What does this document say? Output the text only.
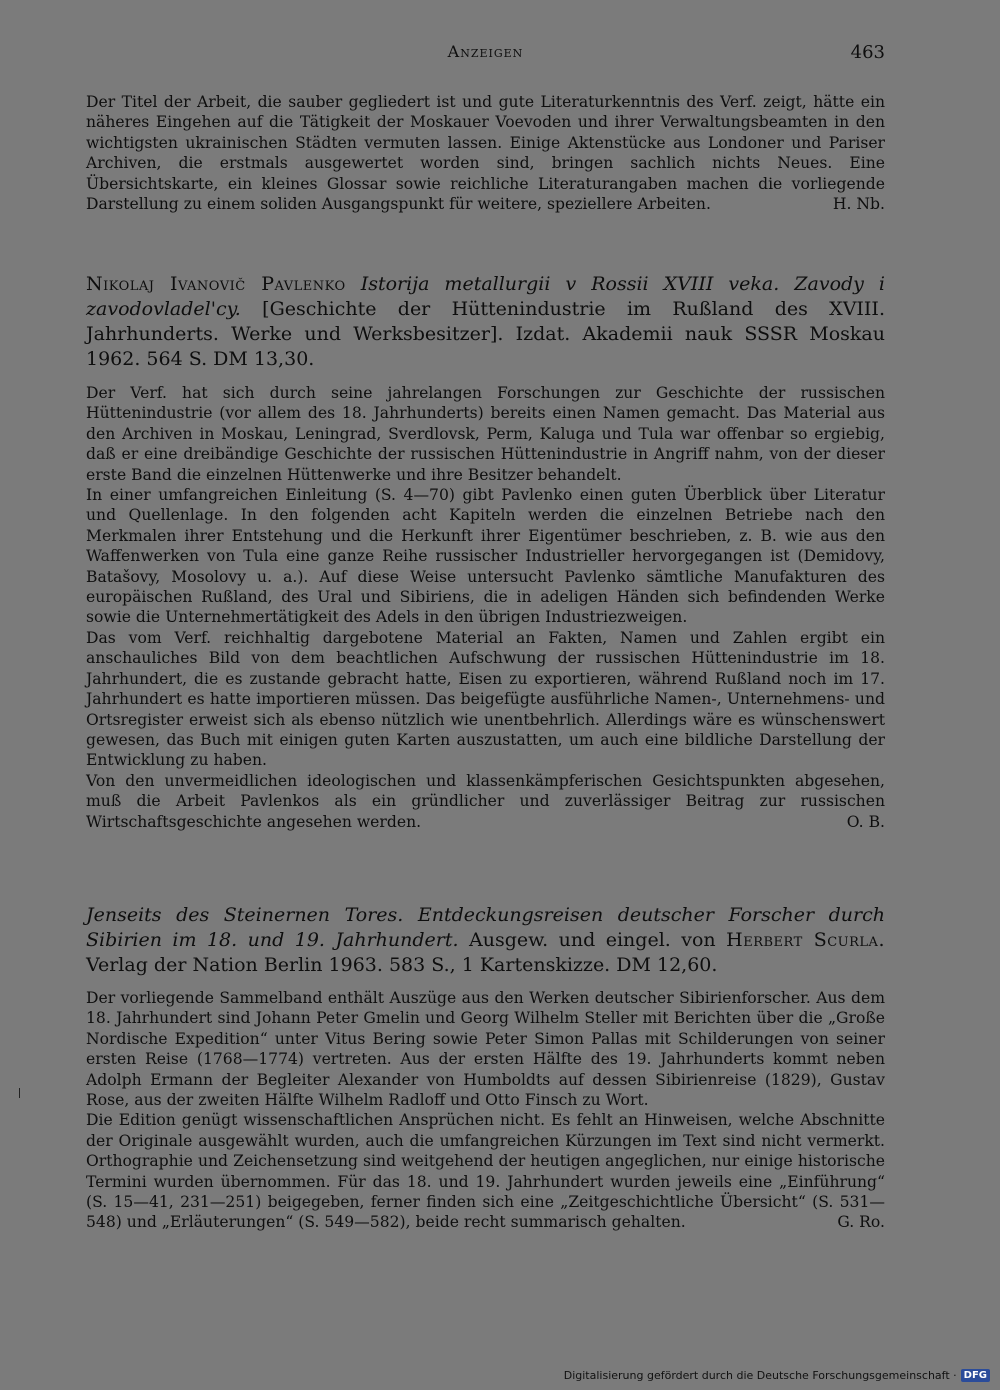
Anzeigen	463

Der Titel der Arbeit, die sauber gegliedert ist und gute Literaturkenntnis des Verf. zeigt, hätte ein näheres Eingehen auf die Tätigkeit der Moskauer Voevoden und ihrer Verwaltungsbeamten in den wichtigsten ukrainischen Städten vermuten lassen. Einige Aktenstücke aus Londoner und Pariser Archiven, die erstmals ausgewertet worden sind, bringen sachlich nichts Neues. Eine Übersichtskarte, ein kleines Glossar sowie reichliche Literaturangaben machen die vorliegende Darstellung zu einem soliden Ausgangspunkt für weitere, speziellere Arbeiten.	H. Nb.

Nikolaj Ivanovič Pavlenko Istorija metallurgii v Rossii XVIII veka. Zavody i zavodovladel'cy. [Geschichte der Hüttenindustrie im Rußland des XVIII. Jahrhunderts. Werke und Werksbesitzer]. Izdat. Akademii nauk SSSR Moskau 1962. 564 S. DM 13,30.

Der Verf. hat sich durch seine jahrelangen Forschungen zur Geschichte der russischen Hüttenindustrie (vor allem des 18. Jahrhunderts) bereits einen Namen gemacht. Das Material aus den Archiven in Moskau, Leningrad, Sverdlovsk, Perm, Kaluga und Tula war offenbar so ergiebig, daß er eine dreibändige Geschichte der russischen Hüttenindustrie in Angriff nahm, von der dieser erste Band die einzelnen Hüttenwerke und ihre Besitzer behandelt.

In einer umfangreichen Einleitung (S. 4—70) gibt Pavlenko einen guten Überblick über Literatur und Quellenlage. In den folgenden acht Kapiteln werden die einzelnen Betriebe nach den Merkmalen ihrer Entstehung und die Herkunft ihrer Eigentümer beschrieben, z. B. wie aus den Waffenwerken von Tula eine ganze Reihe russischer Industrieller hervorgegangen ist (Demidovy, Batašovy, Mosolovy u. a.). Auf diese Weise untersucht Pavlenko sämtliche Manufakturen des europäischen Rußland, des Ural und Sibiriens, die in adeligen Händen sich befindenden Werke sowie die Unternehmertätigkeit des Adels in den übrigen Industriezweigen.

Das vom Verf. reichhaltig dargebotene Material an Fakten, Namen und Zahlen ergibt ein anschauliches Bild von dem beachtlichen Aufschwung der russischen Hüttenindustrie im 18. Jahrhundert, die es zustande gebracht hatte, Eisen zu exportieren, während Rußland noch im 17. Jahrhundert es hatte importieren müssen. Das beigefügte ausführliche Namen-, Unternehmens- und Ortsregister erweist sich als ebenso nützlich wie unentbehrlich. Allerdings wäre es wünschenswert gewesen, das Buch mit einigen guten Karten auszustatten, um auch eine bildliche Darstellung der Entwicklung zu haben.

Von den unvermeidlichen ideologischen und klassenkämpferischen Gesichtspunkten abgesehen, muß die Arbeit Pavlenkos als ein gründlicher und zuverlässiger Beitrag zur russischen Wirtschaftsgeschichte angesehen werden.	O. B.

Jenseits des Steinernen Tores. Entdeckungsreisen deutscher Forscher durch Sibirien im 18. und 19. Jahrhundert. Ausgew. und eingel. von Herbert Scurla. Verlag der Nation Berlin 1963. 583 S., 1 Kartenskizze. DM 12,60.

Der vorliegende Sammelband enthält Auszüge aus den Werken deutscher Sibirienforscher. Aus dem 18. Jahrhundert sind Johann Peter Gmelin und Georg Wilhelm Steller mit Berichten über die „Große Nordische Expedition“ unter Vitus Bering sowie Peter Simon Pallas mit Schilderungen von seiner ersten Reise (1768—1774) vertreten. Aus der ersten Hälfte des 19. Jahrhunderts kommt neben Adolph Ermann der Begleiter Alexander von Humboldts auf dessen Sibirienreise (1829), Gustav Rose, aus der zweiten Hälfte Wilhelm Radloff und Otto Finsch zu Wort.

Die Edition genügt wissenschaftlichen Ansprüchen nicht. Es fehlt an Hinweisen, welche Abschnitte der Originale ausgewählt wurden, auch die umfangreichen Kürzungen im Text sind nicht vermerkt. Orthographie und Zeichensetzung sind weitgehend der heutigen angeglichen, nur einige historische Termini wurden übernommen. Für das 18. und 19. Jahrhundert wurden jeweils eine „Einführung“ (S. 15—41, 231—251) beigegeben, ferner finden sich eine „Zeitgeschichtliche Übersicht“ (S. 531—548) und „Erläuterungen“ (S. 549—582), beide recht summarisch gehalten.	G. Ro.

Digitalisierung gefördert durch die Deutsche Forschungsgemeinschaft · DFG
